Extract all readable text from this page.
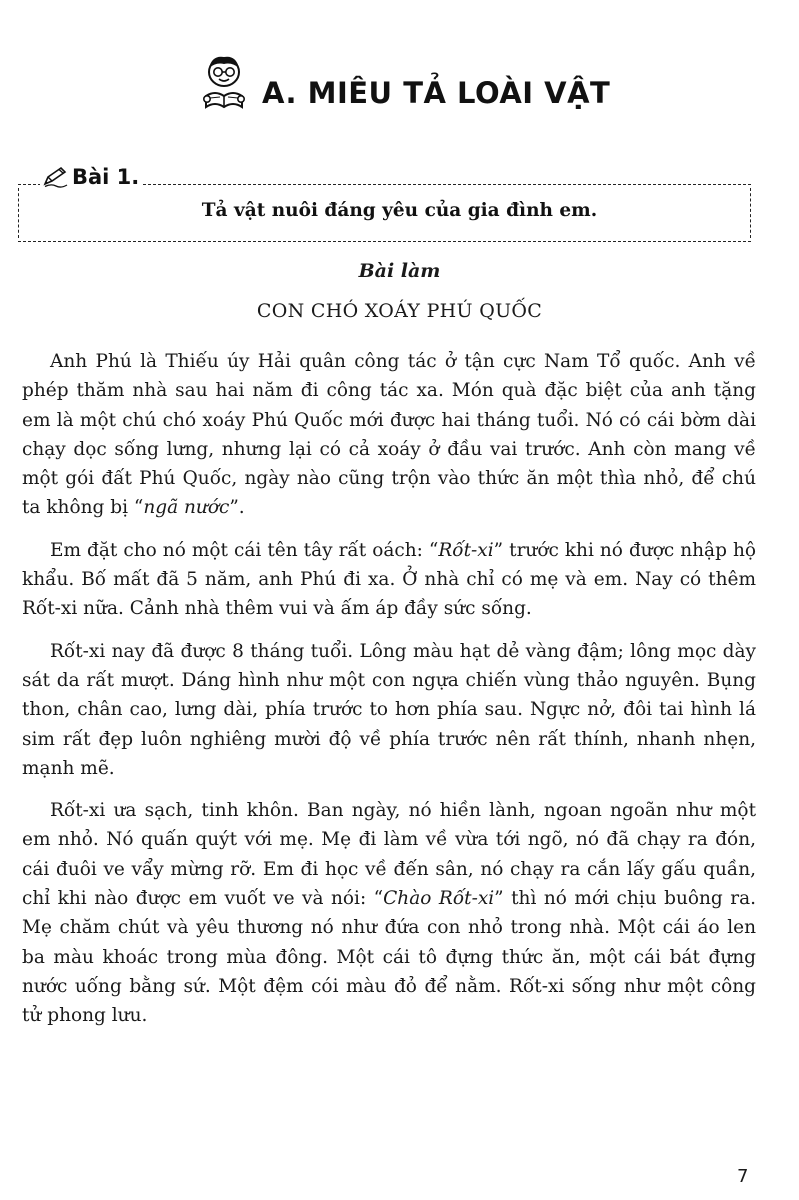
A. MIÊU TẢ LOÀI VẬT
Bài 1.
Tả vật nuôi đáng yêu của gia đình em.
Bài làm
CON CHÓ XOÁY PHÚ QUỐC

Anh Phú là Thiếu úy Hải quân công tác ở tận cực Nam Tổ quốc. Anh về phép thăm nhà sau hai năm đi công tác xa. Món quà đặc biệt của anh tặng em là một chú chó xoáy Phú Quốc mới được hai tháng tuổi. Nó có cái bờm dài chạy dọc sống lưng, nhưng lại có cả xoáy ở đầu vai trước. Anh còn mang về một gói đất Phú Quốc, ngày nào cũng trộn vào thức ăn một thìa nhỏ, để chú ta không bị “ngã nước”.

Em đặt cho nó một cái tên tây rất oách: “Rốt-xi” trước khi nó được nhập hộ khẩu. Bố mất đã 5 năm, anh Phú đi xa. Ở nhà chỉ có mẹ và em. Nay có thêm Rốt-xi nữa. Cảnh nhà thêm vui và ấm áp đầy sức sống.

Rốt-xi nay đã được 8 tháng tuổi. Lông màu hạt dẻ vàng đậm; lông mọc dày sát da rất mượt. Dáng hình như một con ngựa chiến vùng thảo nguyên. Bụng thon, chân cao, lưng dài, phía trước to hơn phía sau. Ngực nở, đôi tai hình lá sim rất đẹp luôn nghiêng mười độ về phía trước nên rất thính, nhanh nhẹn, mạnh mẽ.

Rốt-xi ưa sạch, tinh khôn. Ban ngày, nó hiền lành, ngoan ngoãn như một em nhỏ. Nó quấn quýt với mẹ. Mẹ đi làm về vừa tới ngõ, nó đã chạy ra đón, cái đuôi ve vẩy mừng rỡ. Em đi học về đến sân, nó chạy ra cắn lấy gấu quần, chỉ khi nào được em vuốt ve và nói: “Chào Rốt-xi” thì nó mới chịu buông ra. Mẹ chăm chút và yêu thương nó như đứa con nhỏ trong nhà. Một cái áo len ba màu khoác trong mùa đông. Một cái tô đựng thức ăn, một cái bát đựng nước uống bằng sứ. Một đệm cói màu đỏ để nằm. Rốt-xi sống như một công tử phong lưu.

7
